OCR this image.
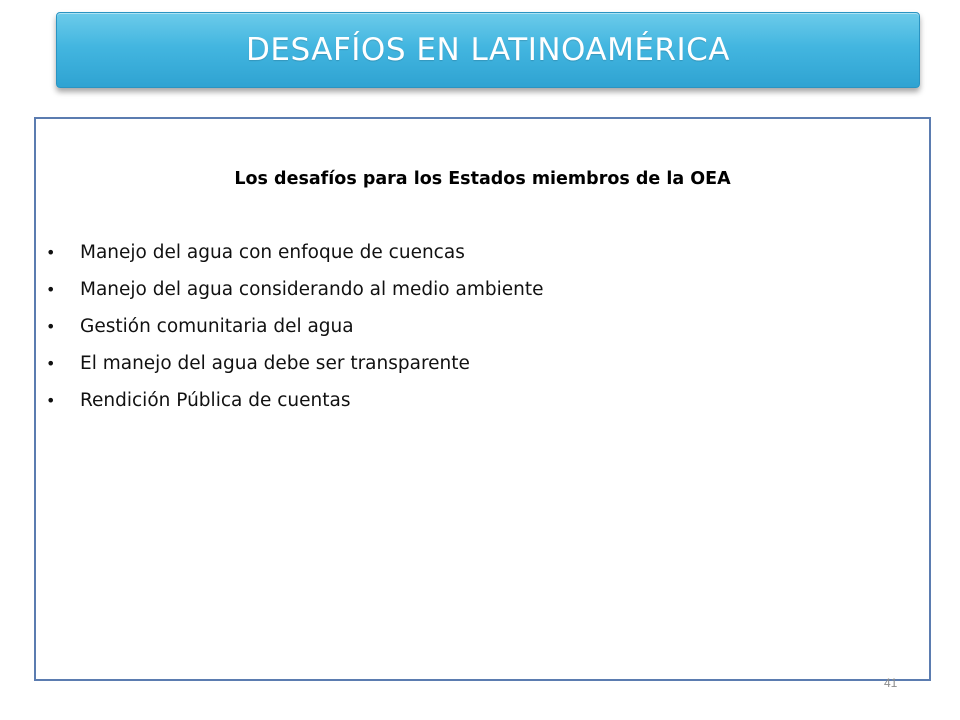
DESAFÍOS EN LATINOAMÉRICA
Los desafíos para los Estados miembros de la OEA
•	Manejo del agua con enfoque de cuencas
•	Manejo del agua considerando al medio ambiente
•	Gestión comunitaria del agua
•	El manejo del agua debe ser transparente
•	Rendición Pública de cuentas
41
